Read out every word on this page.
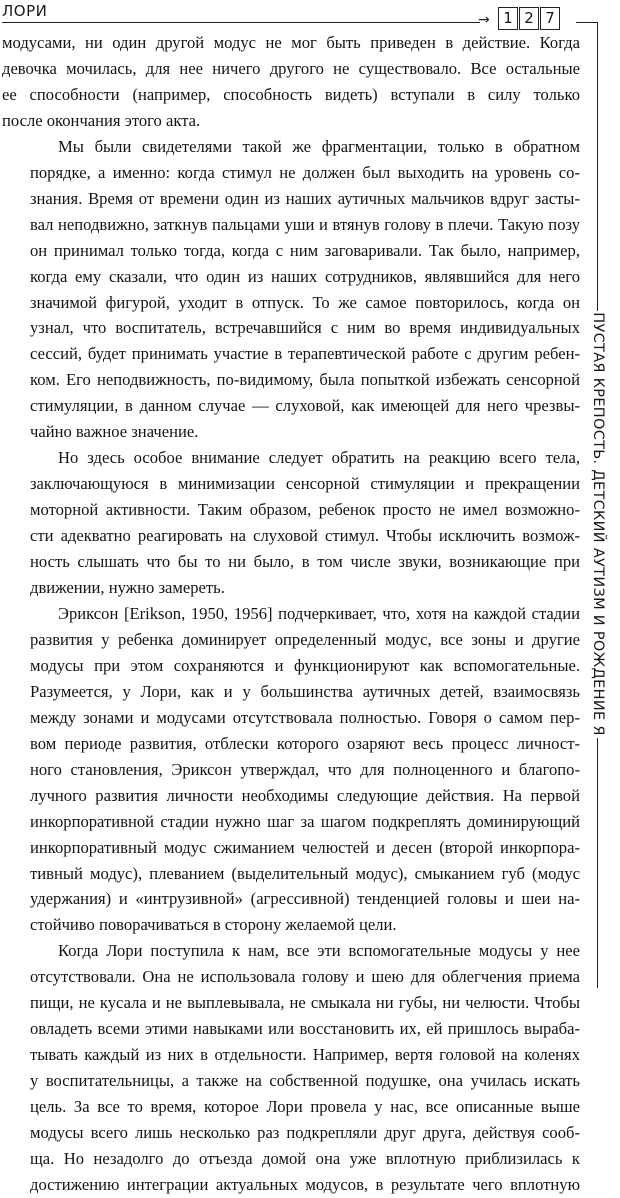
ЛОРИ	→ 1 2 7
ПУСТАЯ КРЕПОСТЬ. ДЕТСКИЙ АУТИЗМ И РОЖДЕНИЕ Я

модусами, ни один другой модус не мог быть приведен в действие. Когда
девочка мочилась, для нее ничего другого не существовало. Все остальные
ее способности (например, способность видеть) вступали в силу только
после окончания этого акта.

Мы были свидетелями такой же фрагментации, только в обратном
порядке, а именно: когда стимул не должен был выходить на уровень со-
знания. Время от времени один из наших аутичных мальчиков вдруг засты-
вал неподвижно, заткнув пальцами уши и втянув голову в плечи. Такую позу
он принимал только тогда, когда с ним заговаривали. Так было, например,
когда ему сказали, что один из наших сотрудников, являвшийся для него
значимой фигурой, уходит в отпуск. То же самое повторилось, когда он
узнал, что воспитатель, встречавшийся с ним во время индивидуальных
сессий, будет принимать участие в терапевтической работе с другим ребен-
ком. Его неподвижность, по-видимому, была попыткой избежать сенсорной
стимуляции, в данном случае — слуховой, как имеющей для него чрезвы-
чайно важное значение.

Но здесь особое внимание следует обратить на реакцию всего тела,
заключающуюся в минимизации сенсорной стимуляции и прекращении
моторной активности. Таким образом, ребенок просто не имел возможно-
сти адекватно реагировать на слуховой стимул. Чтобы исключить возмож-
ность слышать что бы то ни было, в том числе звуки, возникающие при
движении, нужно замереть.

Эриксон [Erikson, 1950, 1956] подчеркивает, что, хотя на каждой стадии
развития у ребенка доминирует определенный модус, все зоны и другие
модусы при этом сохраняются и функционируют как вспомогательные.
Разумеется, у Лори, как и у большинства аутичных детей, взаимосвязь
между зонами и модусами отсутствовала полностью. Говоря о самом пер-
вом периоде развития, отблески которого озаряют весь процесс личност-
ного становления, Эриксон утверждал, что для полноценного и благопо-
лучного развития личности необходимы следующие действия. На первой
инкорпоративной стадии нужно шаг за шагом подкреплять доминирующий
инкорпоративный модус сжиманием челюстей и десен (второй инкорпора-
тивный модус), плеванием (выделительный модус), смыканием губ (модус
удержания) и «интрузивной» (агрессивной) тенденцией головы и шеи на-
стойчиво поворачиваться в сторону желаемой цели.

Когда Лори поступила к нам, все эти вспомогательные модусы у нее
отсутствовали. Она не использовала голову и шею для облегчения приема
пищи, не кусала и не выплевывала, не смыкала ни губы, ни челюсти. Чтобы
овладеть всеми этими навыками или восстановить их, ей пришлось выраба-
тывать каждый из них в отдельности. Например, вертя головой на коленях
у воспитательницы, а также на собственной подушке, она училась искать
цель. За все то время, которое Лори провела у нас, все описанные выше
модусы всего лишь несколько раз подкрепляли друг друга, действуя сооб-
ща. Но незадолго до отъезда домой она уже вплотную приблизилась к
достижению интеграции актуальных модусов, в результате чего вплотную
